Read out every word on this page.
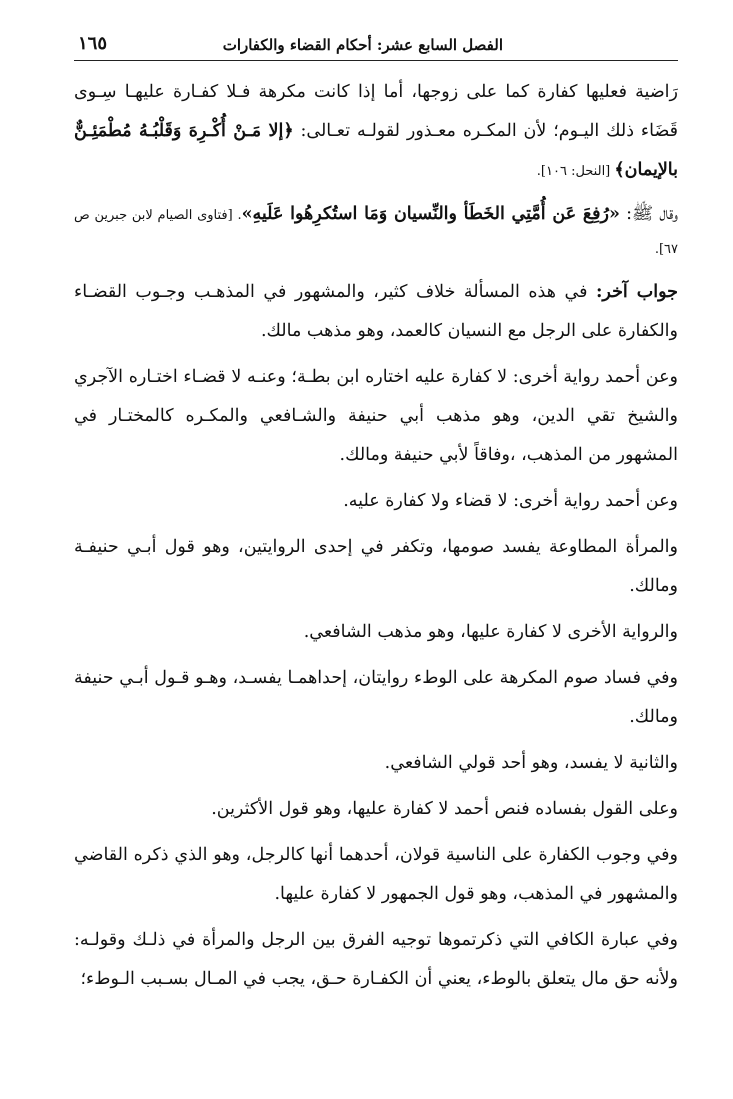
الفصل السابع عشر: أحكام القضاء والكفارات
١٦٥

رَاضية فعليها كفارة كما على زوجها، أما إذا كانت مكرهة فـلا كفـارة عليهـا سِـوى قَضَاء ذلك اليـوم؛ لأن المكـره معـذور لقولـه تعـالى: ﴿إلا مَـنْ أُكْـرِهَ وَقَلْبُـهُ مُطْمَئِـنٌّ بالإيمان﴾ [النحل: ١٠٦].

وقال ﷺ: «رُفِعَ عَن أُمَّتِي الخَطَأ والنِّسيان وَمَا استُكرِهُوا عَلَيهِ». [فتاوى الصيام لابن جبرين ص ٦٧].

جواب آخر: في هذه المسألة خلاف كثير، والمشهور في المذهـب وجـوب القضـاء والكفارة على الرجل مع النسيان كالعمد، وهو مذهب مالك.

وعن أحمد رواية أخرى: لا كفارة عليه اختاره ابن بطـة؛ وعنـه لا قضـاء اختـاره الآجري والشيخ تقي الدين، وهو مذهب أبي حنيفة والشـافعي والمكـره كالمختـار في المشهور من المذهب، ،وفاقاً لأبي حنيفة ومالك.

وعن أحمد رواية أخرى: لا قضاء ولا كفارة عليه.

والمرأة المطاوعة يفسد صومها، وتكفر في إحدى الروايتين، وهو قول أبـي حنيفـة ومالك.

والرواية الأخرى لا كفارة عليها، وهو مذهب الشافعي.

وفي فساد صوم المكرهة على الوطء روايتان، إحداهمـا يفسـد، وهـو قـول أبـي حنيفة ومالك.

والثانية لا يفسد، وهو أحد قولي الشافعي.

وعلى القول بفساده فنص أحمد لا كفارة عليها، وهو قول الأكثرين.

وفي وجوب الكفارة على الناسية قولان، أحدهما أنها كالرجل، وهو الذي ذكره القاضي والمشهور في المذهب، وهو قول الجمهور لا كفارة عليها.

وفي عبارة الكافي التي ذكرتموها توجيه الفرق بين الرجل والمرأة في ذلـك وقولـه: ولأنه حق مال يتعلق بالوطء، يعني أن الكفـارة حـق، يجب في المـال بسـبب الـوطء؛
